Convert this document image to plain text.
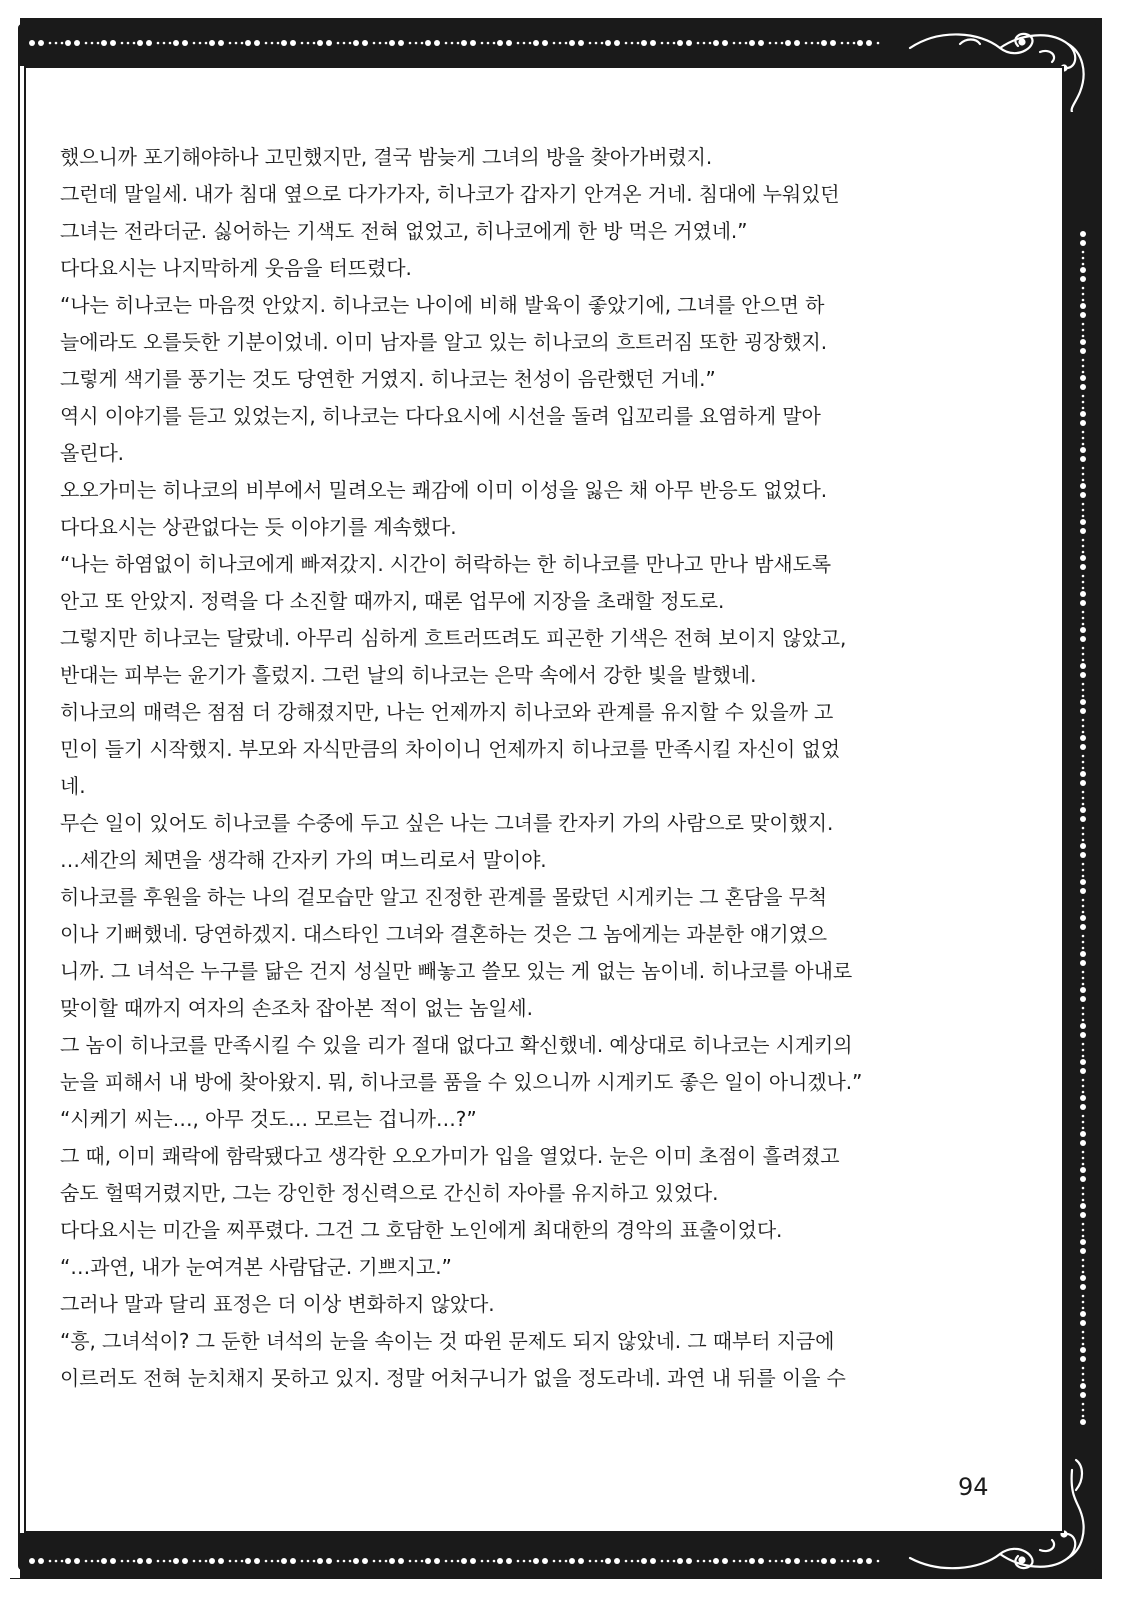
했으니까 포기해야하나 고민했지만, 결국 밤늦게 그녀의 방을 찾아가버렸지.
그런데 말일세. 내가 침대 옆으로 다가가자, 히나코가 갑자기 안겨온 거네. 침대에 누워있던
그녀는 전라더군. 싫어하는 기색도 전혀 없었고, 히나코에게 한 방 먹은 거였네.”
다다요시는 나지막하게 웃음을 터뜨렸다.
“나는 히나코는 마음껏 안았지. 히나코는 나이에 비해 발육이 좋았기에, 그녀를 안으면 하
늘에라도 오를듯한 기분이었네. 이미 남자를 알고 있는 히나코의 흐트러짐 또한 굉장했지.
그렇게 색기를 풍기는 것도 당연한 거였지. 히나코는 천성이 음란했던 거네.”
역시 이야기를 듣고 있었는지, 히나코는 다다요시에 시선을 돌려 입꼬리를 요염하게 말아
올린다.
오오가미는 히나코의 비부에서 밀려오는 쾌감에 이미 이성을 잃은 채 아무 반응도 없었다.
다다요시는 상관없다는 듯 이야기를 계속했다.
“나는 하염없이 히나코에게 빠져갔지. 시간이 허락하는 한 히나코를 만나고 만나 밤새도록
안고 또 안았지. 정력을 다 소진할 때까지, 때론 업무에 지장을 초래할 정도로.
그렇지만 히나코는 달랐네. 아무리 심하게 흐트러뜨려도 피곤한 기색은 전혀 보이지 않았고,
반대는 피부는 윤기가 흘렀지. 그런 날의 히나코는 은막 속에서 강한 빛을 발했네.
히나코의 매력은 점점 더 강해졌지만, 나는 언제까지 히나코와 관계를 유지할 수 있을까 고
민이 들기 시작했지. 부모와 자식만큼의 차이이니 언제까지 히나코를 만족시킬 자신이 없었
네.
무슨 일이 있어도 히나코를 수중에 두고 싶은 나는 그녀를 칸자키 가의 사람으로 맞이했지.
…세간의 체면을 생각해 간자키 가의 며느리로서 말이야.
히나코를 후원을 하는 나의 겉모습만 알고 진정한 관계를 몰랐던 시게키는 그 혼담을 무척
이나 기뻐했네. 당연하겠지. 대스타인 그녀와 결혼하는 것은 그 놈에게는 과분한 얘기였으
니까. 그 녀석은 누구를 닮은 건지 성실만 빼놓고 쓸모 있는 게 없는 놈이네. 히나코를 아내로
맞이할 때까지 여자의 손조차 잡아본 적이 없는 놈일세.
그 놈이 히나코를 만족시킬 수 있을 리가 절대 없다고 확신했네. 예상대로 히나코는 시게키의
눈을 피해서 내 방에 찾아왔지. 뭐, 히나코를 품을 수 있으니까 시게키도 좋은 일이 아니겠나.”
“시케기 씨는…, 아무 것도… 모르는 겁니까…?”
그 때, 이미 쾌락에 함락됐다고 생각한 오오가미가 입을 열었다. 눈은 이미 초점이 흘려졌고
숨도 헐떡거렸지만, 그는 강인한 정신력으로 간신히 자아를 유지하고 있었다.
다다요시는 미간을 찌푸렸다. 그건 그 호담한 노인에게 최대한의 경악의 표출이었다.
“…과연, 내가 눈여겨본 사람답군. 기쁘지고.”
그러나 말과 달리 표정은 더 이상 변화하지 않았다.
“흥, 그녀석이? 그 둔한 녀석의 눈을 속이는 것 따윈 문제도 되지 않았네. 그 때부터 지금에
이르러도 전혀 눈치채지 못하고 있지. 정말 어처구니가 없을 정도라네. 과연 내 뒤를 이을 수
94
